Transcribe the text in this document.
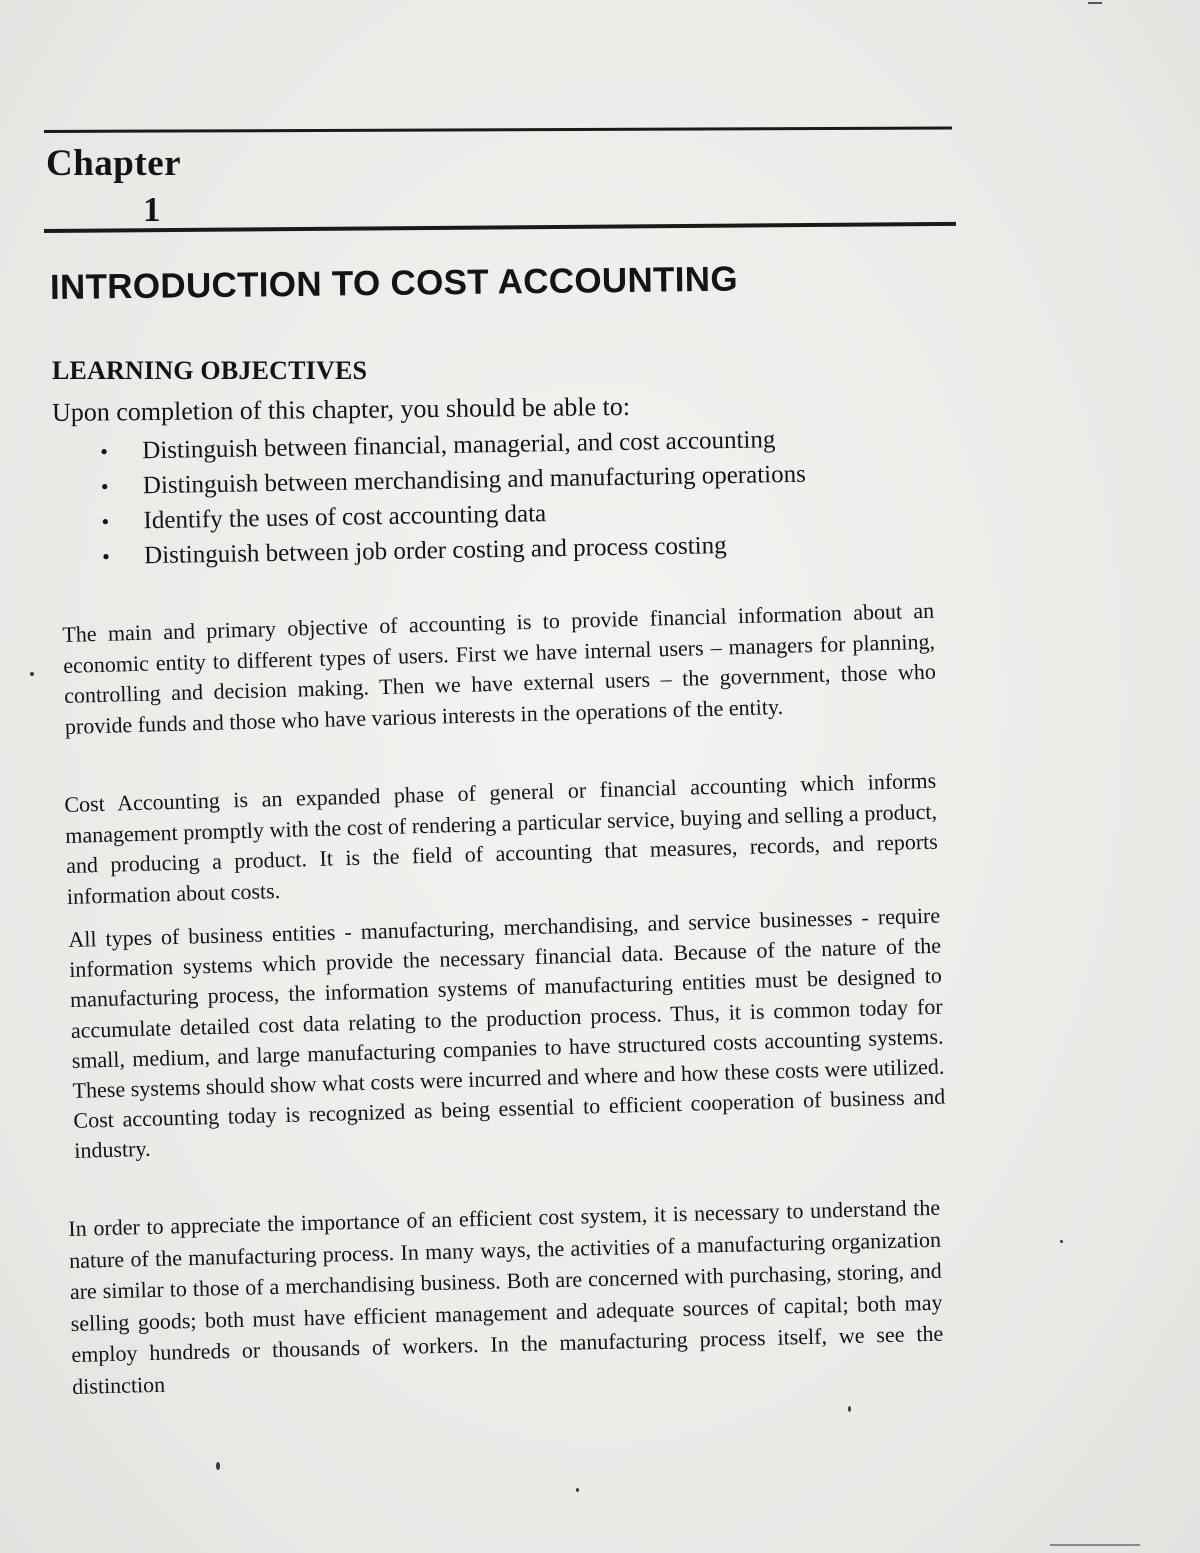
Chapter
1
INTRODUCTION TO COST ACCOUNTING
LEARNING OBJECTIVES
Upon completion of this chapter, you should be able to:
• Distinguish between financial, managerial, and cost accounting
• Distinguish between merchandising and manufacturing operations
• Identify the uses of cost accounting data
• Distinguish between job order costing and process costing

The main and primary objective of accounting is to provide financial information about an economic entity to different types of users. First we have internal users – managers for planning, controlling and decision making. Then we have external users – the government, those who provide funds and those who have various interests in the operations of the entity.

Cost Accounting is an expanded phase of general or financial accounting which informs management promptly with the cost of rendering a particular service, buying and selling a product, and producing a product. It is the field of accounting that measures, records, and reports information about costs.

All types of business entities - manufacturing, merchandising, and service businesses - require information systems which provide the necessary financial data. Because of the nature of the manufacturing process, the information systems of manufacturing entities must be designed to accumulate detailed cost data relating to the production process. Thus, it is common today for small, medium, and large manufacturing companies to have structured costs accounting systems. These systems should show what costs were incurred and where and how these costs were utilized. Cost accounting today is recognized as being essential to efficient cooperation of business and industry.

In order to appreciate the importance of an efficient cost system, it is necessary to understand the nature of the manufacturing process. In many ways, the activities of a manufacturing organization are similar to those of a merchandising business. Both are concerned with purchasing, storing, and selling goods; both must have efficient management and adequate sources of capital; both may employ hundreds or thousands of workers. In the manufacturing process itself, we see the distinction
